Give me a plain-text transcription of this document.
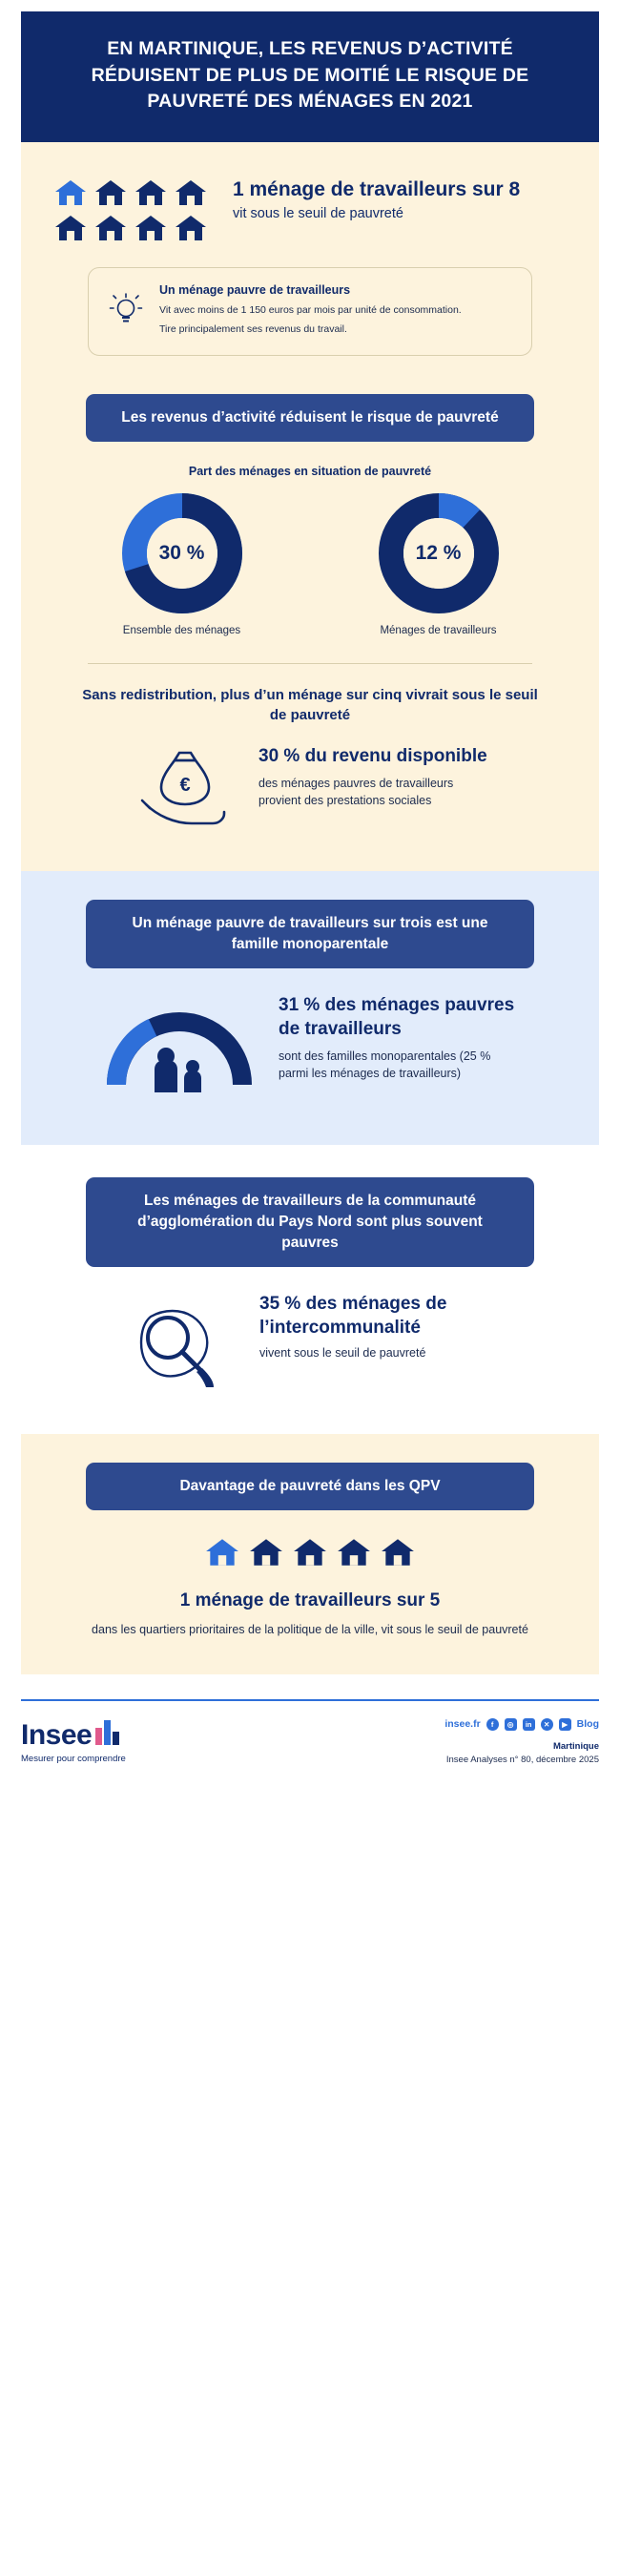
EN MARTINIQUE, LES REVENUS D’ACTIVITÉ RÉDUISENT DE PLUS DE MOITIÉ LE RISQUE DE PAUVRETÉ DES MÉNAGES EN 2021
1 ménage de travailleurs sur 8
vit sous le seuil de pauvreté
Un ménage pauvre de travailleurs
Vit avec moins de 1 150 euros par mois par unité de consommation.
Tire principalement ses revenus du travail.
Les revenus d’activité réduisent le risque de pauvreté
Part des ménages en situation de pauvreté
30 %
Ensemble des ménages
12 %
Ménages de travailleurs
Sans redistribution, plus d’un ménage sur cinq vivrait sous le seuil de pauvreté
€
30 % du revenu disponible
des ménages pauvres de travailleurs provient des prestations sociales
Un ménage pauvre de travailleurs sur trois est une famille monoparentale
31 % des ménages pauvres de travailleurs
sont des familles monoparentales (25 % parmi les ménages de travailleurs)
Les ménages de travailleurs de la communauté d’agglomération du Pays Nord sont plus souvent pauvres
35 % des ménages de l’intercommunalité
vivent sous le seuil de pauvreté
Davantage de pauvreté dans les QPV
1 ménage de travailleurs sur 5
dans les quartiers prioritaires de la politique de la ville, vit sous le seuil de pauvreté
Insee
Mesurer pour comprendre
insee.fr	f	◎	in	✕	▶ Blog
Martinique
Insee Analyses n° 80, décembre 2025
